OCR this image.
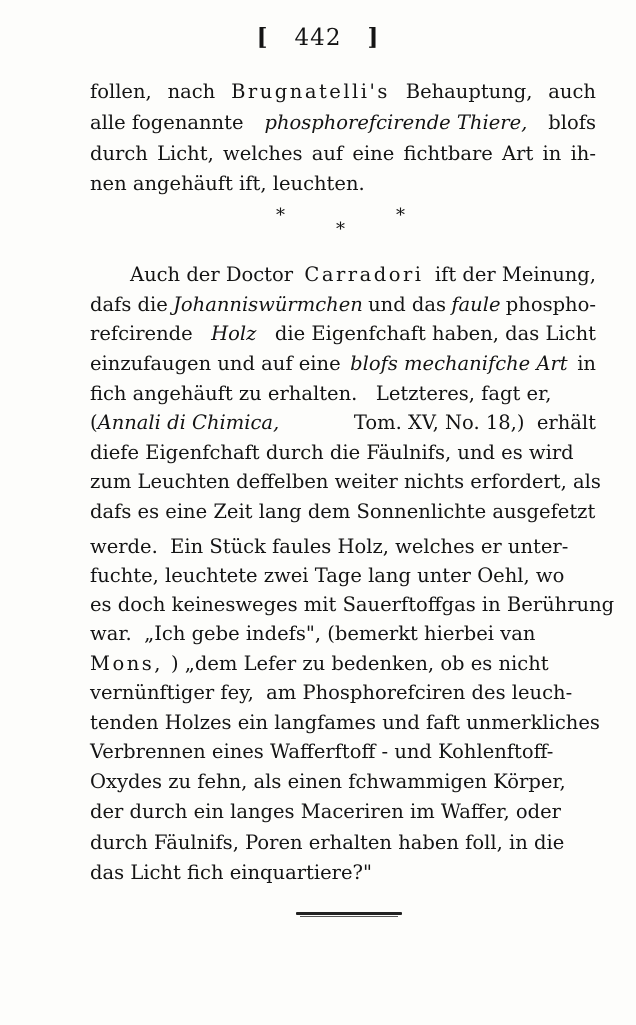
[ 442 ]
follen, nach Brugnatelli's Behauptung, auch
alle fogenannte phosphorefcirende Thiere, blofs
durch Licht, welches auf eine fichtbare Art in ih-
nen angehäuft ift, leuchten.
*
*
*
Auch der Doctor Carradori ift der Meinung,
dafs die Johanniswürmchen und das faule phospho-
refcirende Holz die Eigenfchaft haben, das Licht
einzufaugen und auf eine blofs mechanifche Art in
fich angehäuft zu erhalten.   Letzteres, fagt er,
(Annali di Chimica,	Tom. XV, No. 18,)  erhält
diefe Eigenfchaft durch die Fäulnifs, und es wird
zum Leuchten deffelben weiter nichts erfordert, als
dafs es eine Zeit lang dem Sonnenlichte ausgefetzt
werde.  Ein Stück faules Holz, welches er unter-
fuchte, leuchtete zwei Tage lang unter Oehl, wo
es doch keinesweges mit Sauerftoffgas in Berührung
war.  „Ich gebe indefs", (bemerkt hierbei van
Mons, ) „dem Lefer zu bedenken, ob es nicht
vernünftiger fey,  am Phosphorefciren des leuch-
tenden Holzes ein langfames und faft unmerkliches
Verbrennen eines Wafferftoff - und Kohlenftoff-
Oxydes zu fehn, als einen fchwammigen Körper,
der durch ein langes Maceriren im Waffer, oder
durch Fäulnifs, Poren erhalten haben foll, in die
das Licht fich einquartiere?"
